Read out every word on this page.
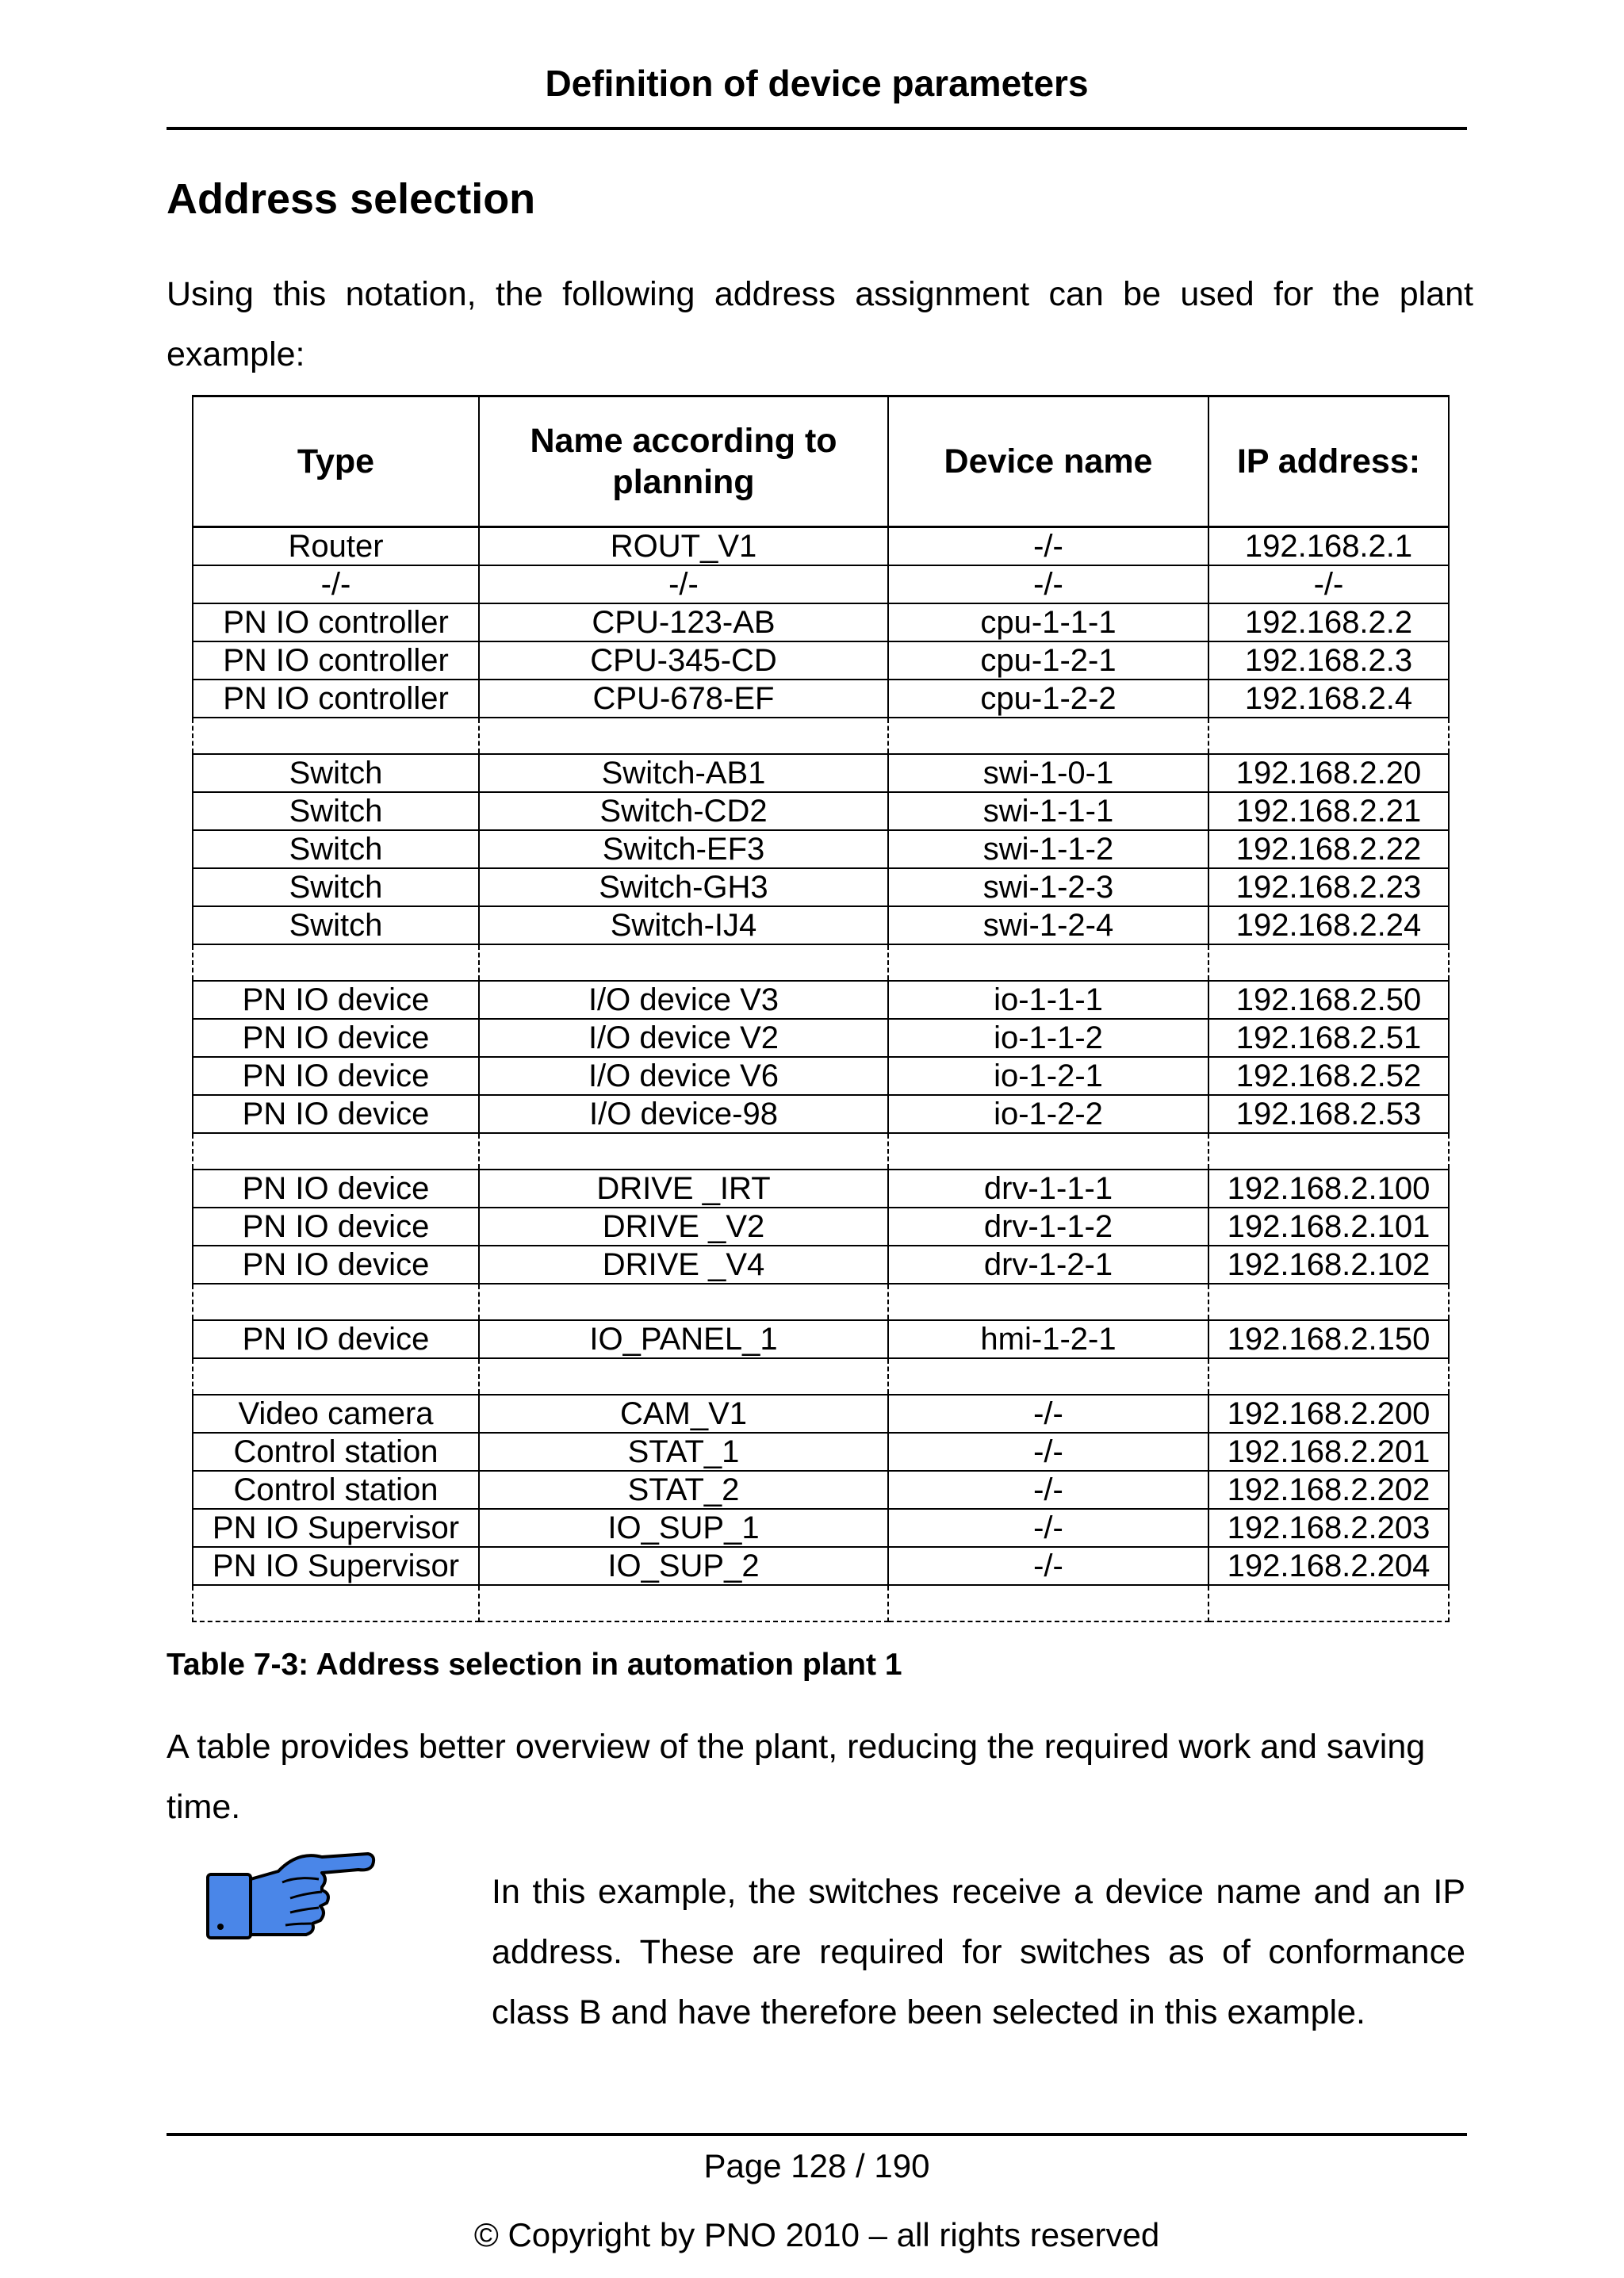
Definition of device parameters
Address selection

Using this notation, the following address assignment can be used for the plant example:

Type	Name according to planning	Device name	IP address:
Router	ROUT_V1	-/-	192.168.2.1
-/-	-/-	-/-	-/-
PN IO controller	CPU-123-AB	cpu-1-1-1	192.168.2.2
PN IO controller	CPU-345-CD	cpu-1-2-1	192.168.2.3
PN IO controller	CPU-678-EF	cpu-1-2-2	192.168.2.4

Switch	Switch-AB1	swi-1-0-1	192.168.2.20
Switch	Switch-CD2	swi-1-1-1	192.168.2.21
Switch	Switch-EF3	swi-1-1-2	192.168.2.22
Switch	Switch-GH3	swi-1-2-3	192.168.2.23
Switch	Switch-IJ4	swi-1-2-4	192.168.2.24

PN IO device	I/O device V3	io-1-1-1	192.168.2.50
PN IO device	I/O device V2	io-1-1-2	192.168.2.51
PN IO device	I/O device V6	io-1-2-1	192.168.2.52
PN IO device	I/O device-98	io-1-2-2	192.168.2.53

PN IO device	DRIVE _IRT	drv-1-1-1	192.168.2.100
PN IO device	DRIVE _V2	drv-1-1-2	192.168.2.101
PN IO device	DRIVE _V4	drv-1-2-1	192.168.2.102

PN IO device	IO_PANEL_1	hmi-1-2-1	192.168.2.150

Video camera	CAM_V1	-/-	192.168.2.200
Control station	STAT_1	-/-	192.168.2.201
Control station	STAT_2	-/-	192.168.2.202
PN IO Supervisor	IO_SUP_1	-/-	192.168.2.203
PN IO Supervisor	IO_SUP_2	-/-	192.168.2.204

Table 7-3: Address selection in automation plant 1

A table provides better overview of the plant, reducing the required work and saving time.

In this example, the switches receive a device name and an IP address. These are required for switches as of conformance class B and have therefore been selected in this example.

Page 128 / 190
© Copyright by PNO 2010 – all rights reserved
